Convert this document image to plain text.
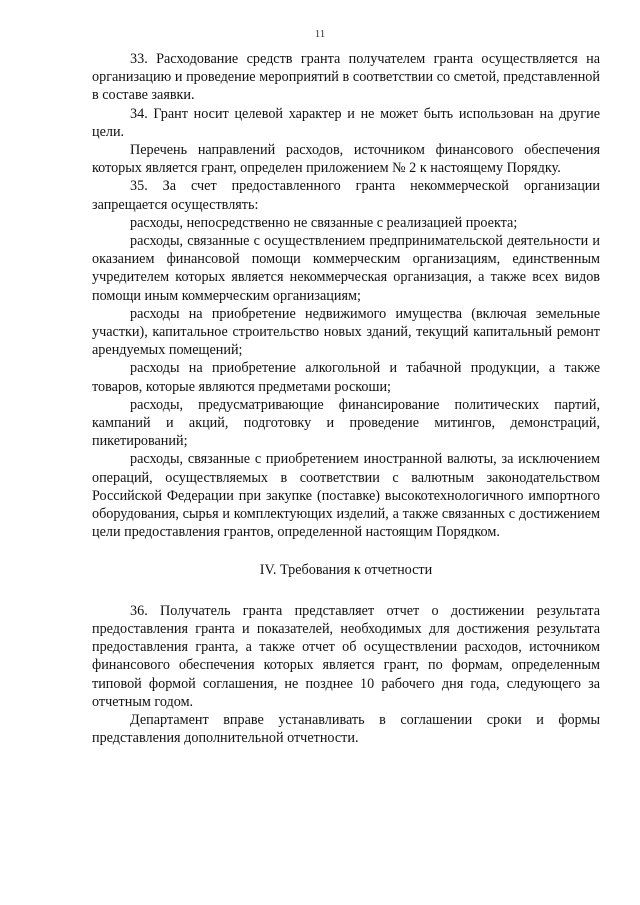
11

33. Расходование средств гранта получателем гранта осуществляется на организацию и проведение мероприятий в соответствии со сметой, представленной в составе заявки.

34. Грант носит целевой характер и не может быть использован на другие цели.

Перечень направлений расходов, источником финансового обеспечения которых является грант, определен приложением № 2 к настоящему Порядку.

35. За счет предоставленного гранта некоммерческой организации запрещается осуществлять:

расходы, непосредственно не связанные с реализацией проекта;

расходы, связанные с осуществлением предпринимательской деятельности и оказанием финансовой помощи коммерческим организациям, единственным учредителем которых является некоммерческая организация, а также всех видов помощи иным коммерческим организациям;

расходы на приобретение недвижимого имущества (включая земельные участки), капитальное строительство новых зданий, текущий капитальный ремонт арендуемых помещений;

расходы на приобретение алкогольной и табачной продукции, а также товаров, которые являются предметами роскоши;

расходы, предусматривающие финансирование политических партий, кампаний и акций, подготовку и проведение митингов, демонстраций, пикетирований;

расходы, связанные с приобретением иностранной валюты, за исключением операций, осуществляемых в соответствии с валютным законодательством Российской Федерации при закупке (поставке) высокотехнологичного импортного оборудования, сырья и комплектующих изделий, а также связанных с достижением цели предоставления грантов, определенной настоящим Порядком.

IV. Требования к отчетности

36. Получатель гранта представляет отчет о достижении результата предоставления гранта и показателей, необходимых для достижения результата предоставления гранта, а также отчет об осуществлении расходов, источником финансового обеспечения которых является грант, по формам, определенным типовой формой соглашения, не позднее 10 рабочего дня года, следующего за отчетным годом.

Департамент вправе устанавливать в соглашении сроки и формы представления дополнительной отчетности.
